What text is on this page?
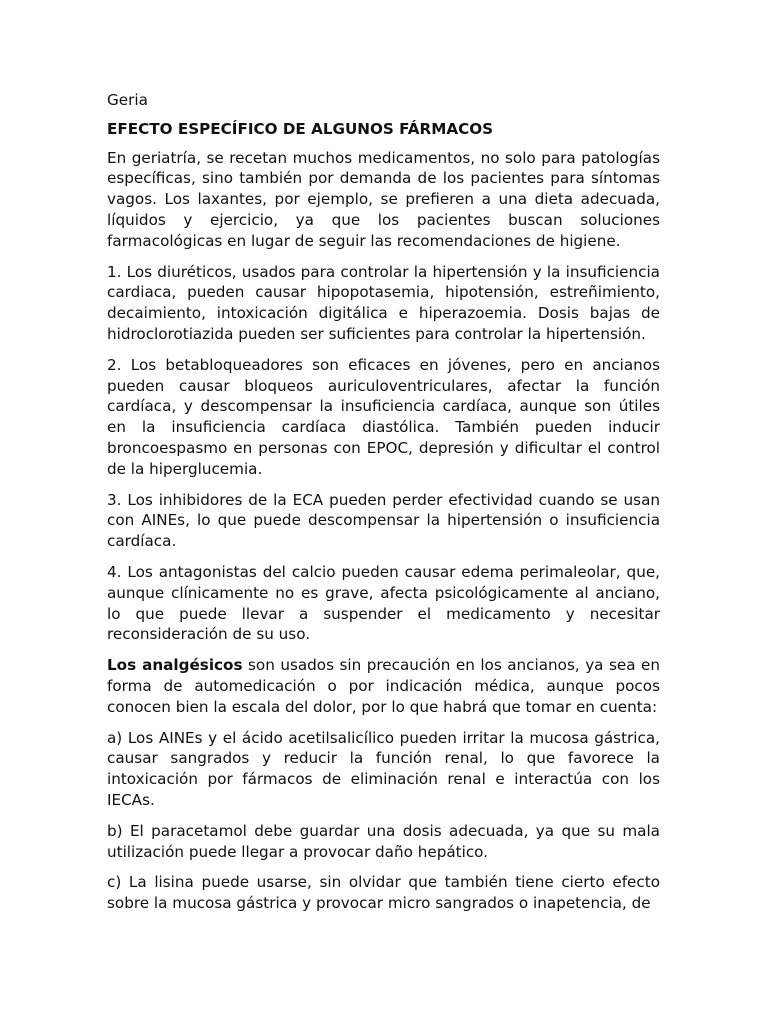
Geria
EFECTO ESPECÍFICO DE ALGUNOS FÁRMACOS

En geriatría, se recetan muchos medicamentos, no solo para patologías específicas, sino también por demanda de los pacientes para síntomas vagos. Los laxantes, por ejemplo, se prefieren a una dieta adecuada, líquidos y ejercicio, ya que los pacientes buscan soluciones farmacológicas en lugar de seguir las recomendaciones de higiene.

1. Los diuréticos, usados para controlar la hipertensión y la insuficiencia cardiaca, pueden causar hipopotasemia, hipotensión, estreñimiento, decaimiento, intoxicación digitálica e hiperazoemia. Dosis bajas de hidroclorotiazida pueden ser suficientes para controlar la hipertensión.

2. Los betabloqueadores son eficaces en jóvenes, pero en ancianos pueden causar bloqueos auriculoventriculares, afectar la función cardíaca, y descompensar la insuficiencia cardíaca, aunque son útiles en la insuficiencia cardíaca diastólica. También pueden inducir broncoespasmo en personas con EPOC, depresión y dificultar el control de la hiperglucemia.

3. Los inhibidores de la ECA pueden perder efectividad cuando se usan con AINEs, lo que puede descompensar la hipertensión o insuficiencia cardíaca.

4. Los antagonistas del calcio pueden causar edema perimaleolar, que, aunque clínicamente no es grave, afecta psicológicamente al anciano, lo que puede llevar a suspender el medicamento y necesitar reconsideración de su uso.

Los analgésicos son usados sin precaución en los ancianos, ya sea en forma de automedicación o por indicación médica, aunque pocos conocen bien la escala del dolor, por lo que habrá que tomar en cuenta:

a) Los AINEs y el ácido acetilsalicílico pueden irritar la mucosa gástrica, causar sangrados y reducir la función renal, lo que favorece la intoxicación por fármacos de eliminación renal e interactúa con los IECAs.

b) El paracetamol debe guardar una dosis adecuada, ya que su mala utilización puede llegar a provocar daño hepático.

c) La lisina puede usarse, sin olvidar que también tiene cierto efecto sobre la mucosa gástrica y provocar micro sangrados o inapetencia, de
